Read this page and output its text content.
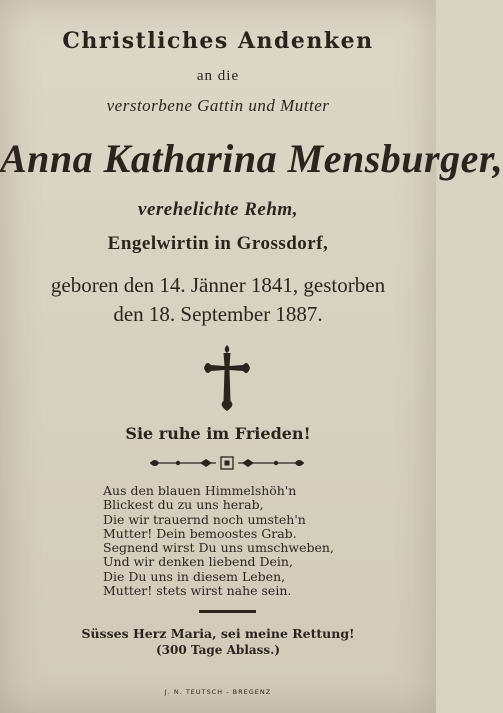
Christliches Andenken
an die
verstorbene Gattin und Mutter
Anna Katharina Mensburger,
verehelichte Rehm,
Engelwirtin in Grossdorf,
geboren den 14. Jänner 1841, gestorben
den 18. September 1887.
Sie ruhe im Frieden!
Aus den blauen Himmelshöh'n
Blickest du zu uns herab,
Die wir trauernd noch umsteh'n
Mutter! Dein bemoostes Grab.
Segnend wirst Du uns umschweben,
Und wir denken liebend Dein,
Die Du uns in diesem Leben,
Mutter! stets wirst nahe sein.
Süsses Herz Maria, sei meine Rettung!
(300 Tage Ablass.)
J. N. TEUTSCH - BREGENZ
